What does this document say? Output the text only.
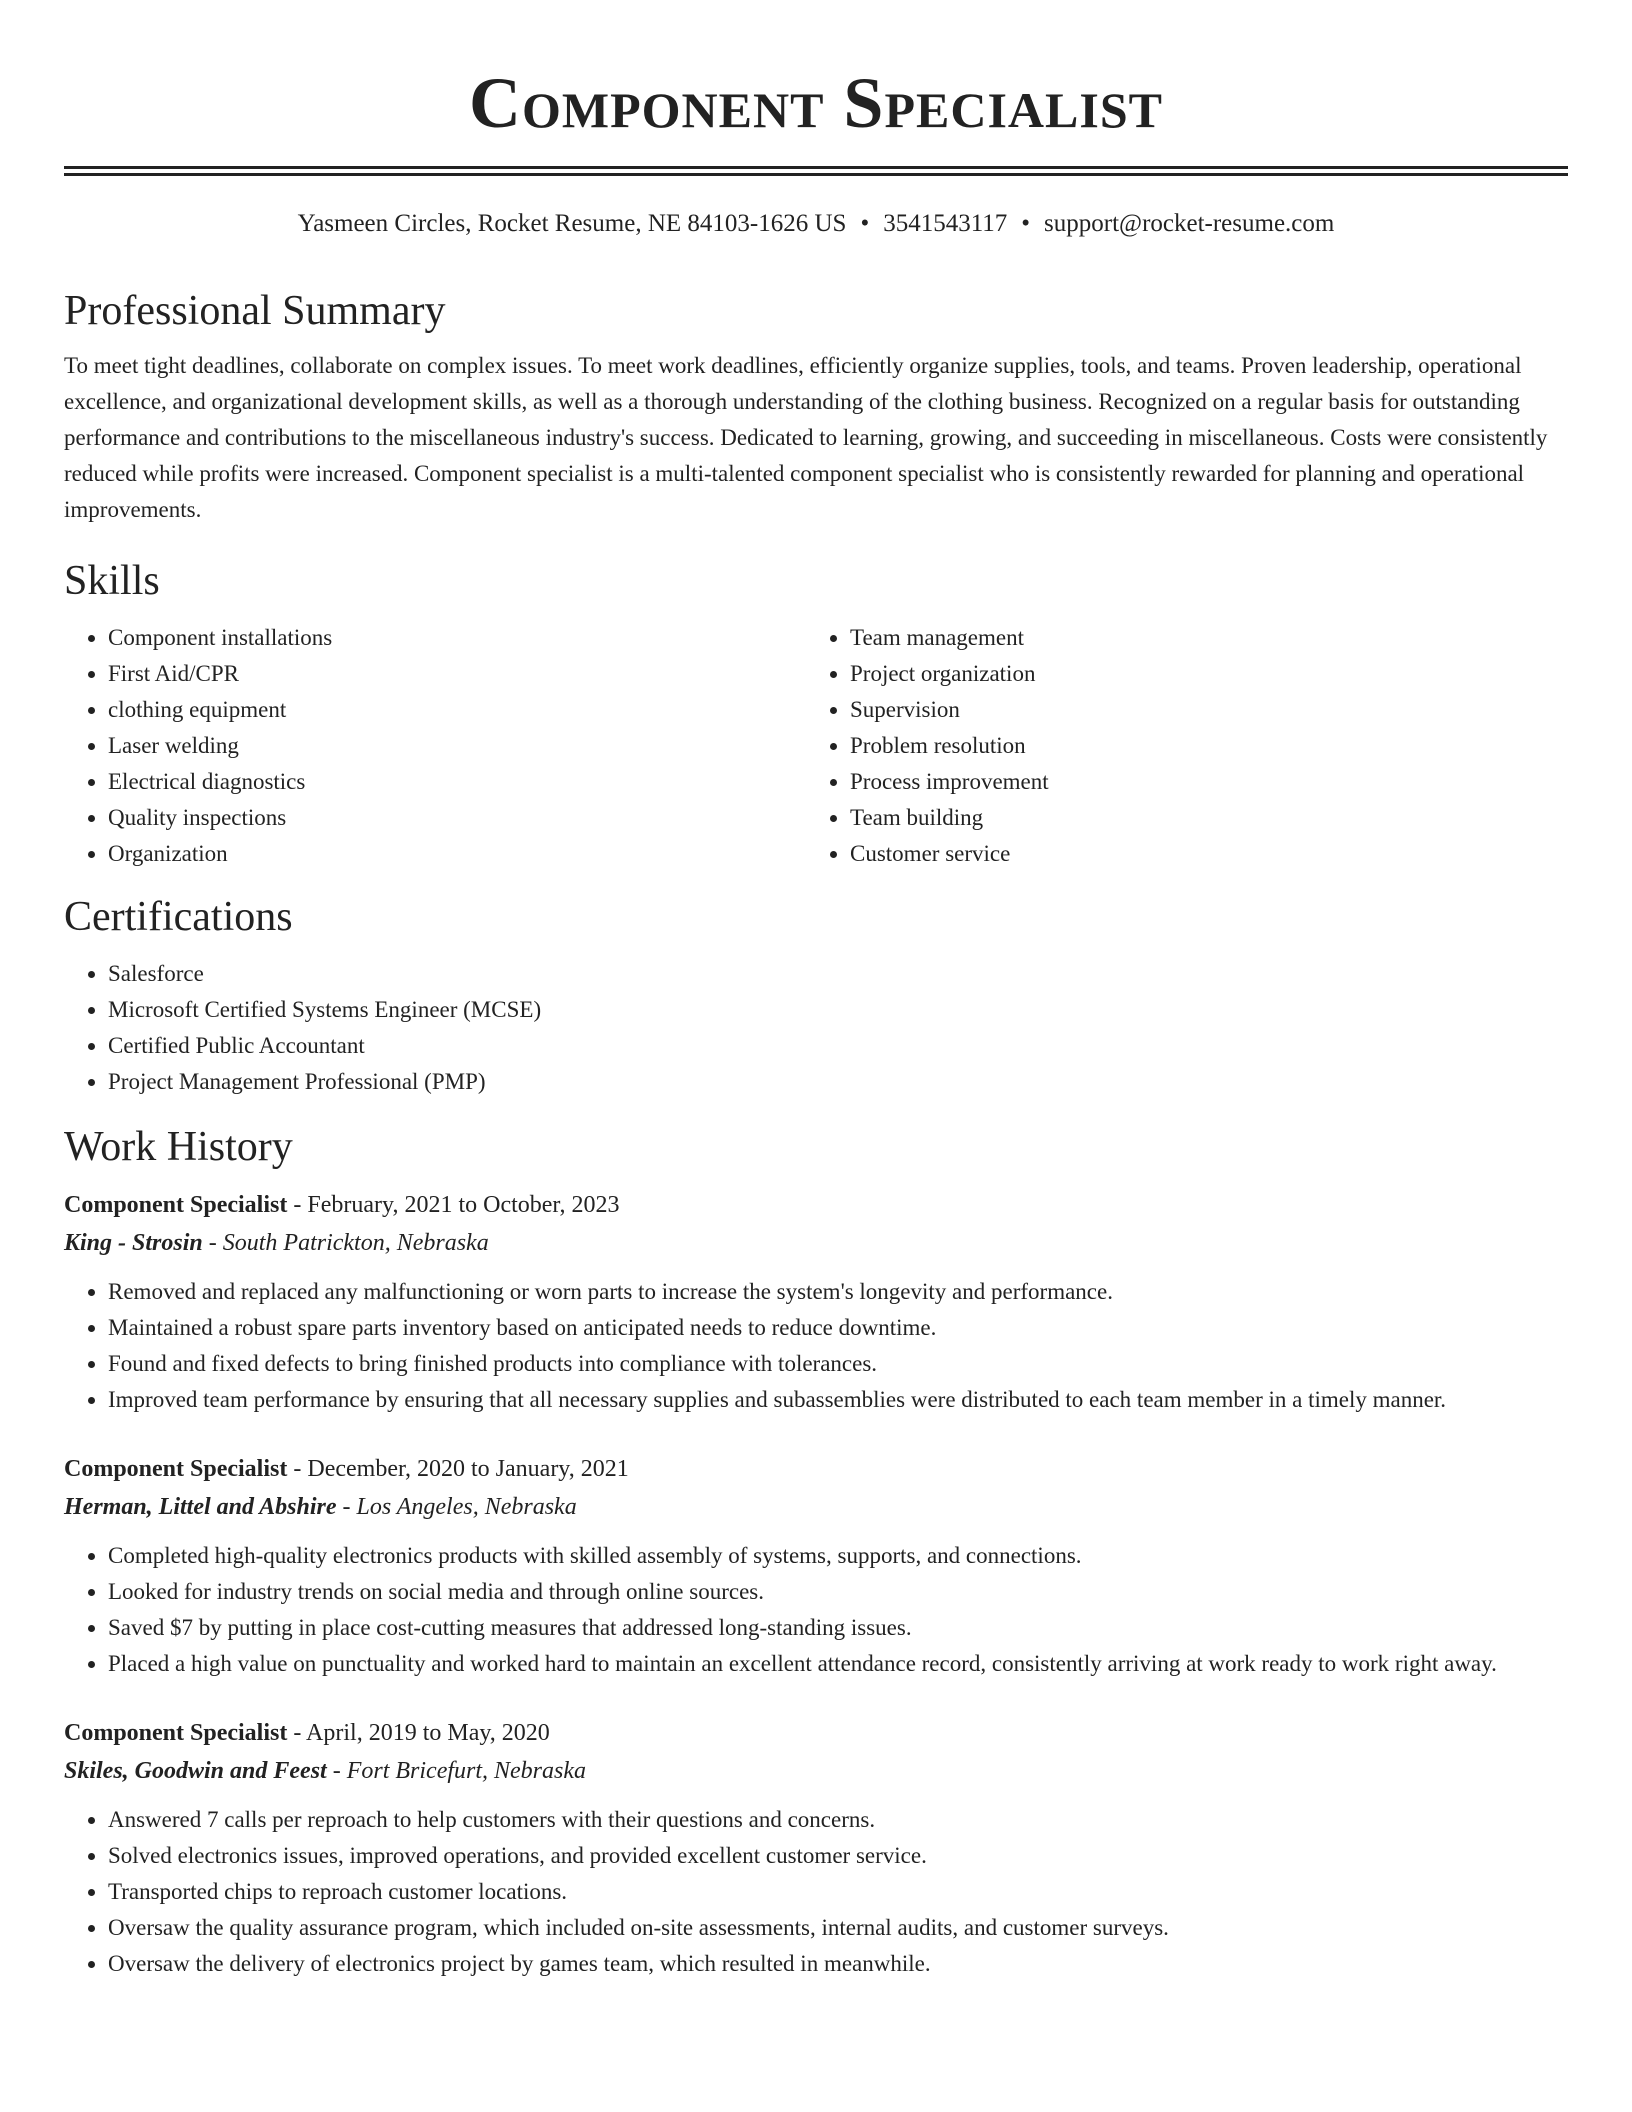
Component Specialist
Yasmeen Circles, Rocket Resume, NE 84103-1626 US • 3541543117 • support@rocket-resume.com
Professional Summary
To meet tight deadlines, collaborate on complex issues. To meet work deadlines, efficiently organize supplies, tools, and teams. Proven leadership, operational excellence, and organizational development skills, as well as a thorough understanding of the clothing business. Recognized on a regular basis for outstanding performance and contributions to the miscellaneous industry's success. Dedicated to learning, growing, and succeeding in miscellaneous. Costs were consistently reduced while profits were increased. Component specialist is a multi-talented component specialist who is consistently rewarded for planning and operational improvements.
Skills
• Component installations
• First Aid/CPR
• clothing equipment
• Laser welding
• Electrical diagnostics
• Quality inspections
• Organization
• Team management
• Project organization
• Supervision
• Problem resolution
• Process improvement
• Team building
• Customer service
Certifications
• Salesforce
• Microsoft Certified Systems Engineer (MCSE)
• Certified Public Accountant
• Project Management Professional (PMP)
Work History
Component Specialist - February, 2021 to October, 2023
King - Strosin - South Patrickton, Nebraska
• Removed and replaced any malfunctioning or worn parts to increase the system's longevity and performance.
• Maintained a robust spare parts inventory based on anticipated needs to reduce downtime.
• Found and fixed defects to bring finished products into compliance with tolerances.
• Improved team performance by ensuring that all necessary supplies and subassemblies were distributed to each team member in a timely manner.
Component Specialist - December, 2020 to January, 2021
Herman, Littel and Abshire - Los Angeles, Nebraska
• Completed high-quality electronics products with skilled assembly of systems, supports, and connections.
• Looked for industry trends on social media and through online sources.
• Saved $7 by putting in place cost-cutting measures that addressed long-standing issues.
• Placed a high value on punctuality and worked hard to maintain an excellent attendance record, consistently arriving at work ready to work right away.
Component Specialist - April, 2019 to May, 2020
Skiles, Goodwin and Feest - Fort Bricefurt, Nebraska
• Answered 7 calls per reproach to help customers with their questions and concerns.
• Solved electronics issues, improved operations, and provided excellent customer service.
• Transported chips to reproach customer locations.
• Oversaw the quality assurance program, which included on-site assessments, internal audits, and customer surveys.
• Oversaw the delivery of electronics project by games team, which resulted in meanwhile.
